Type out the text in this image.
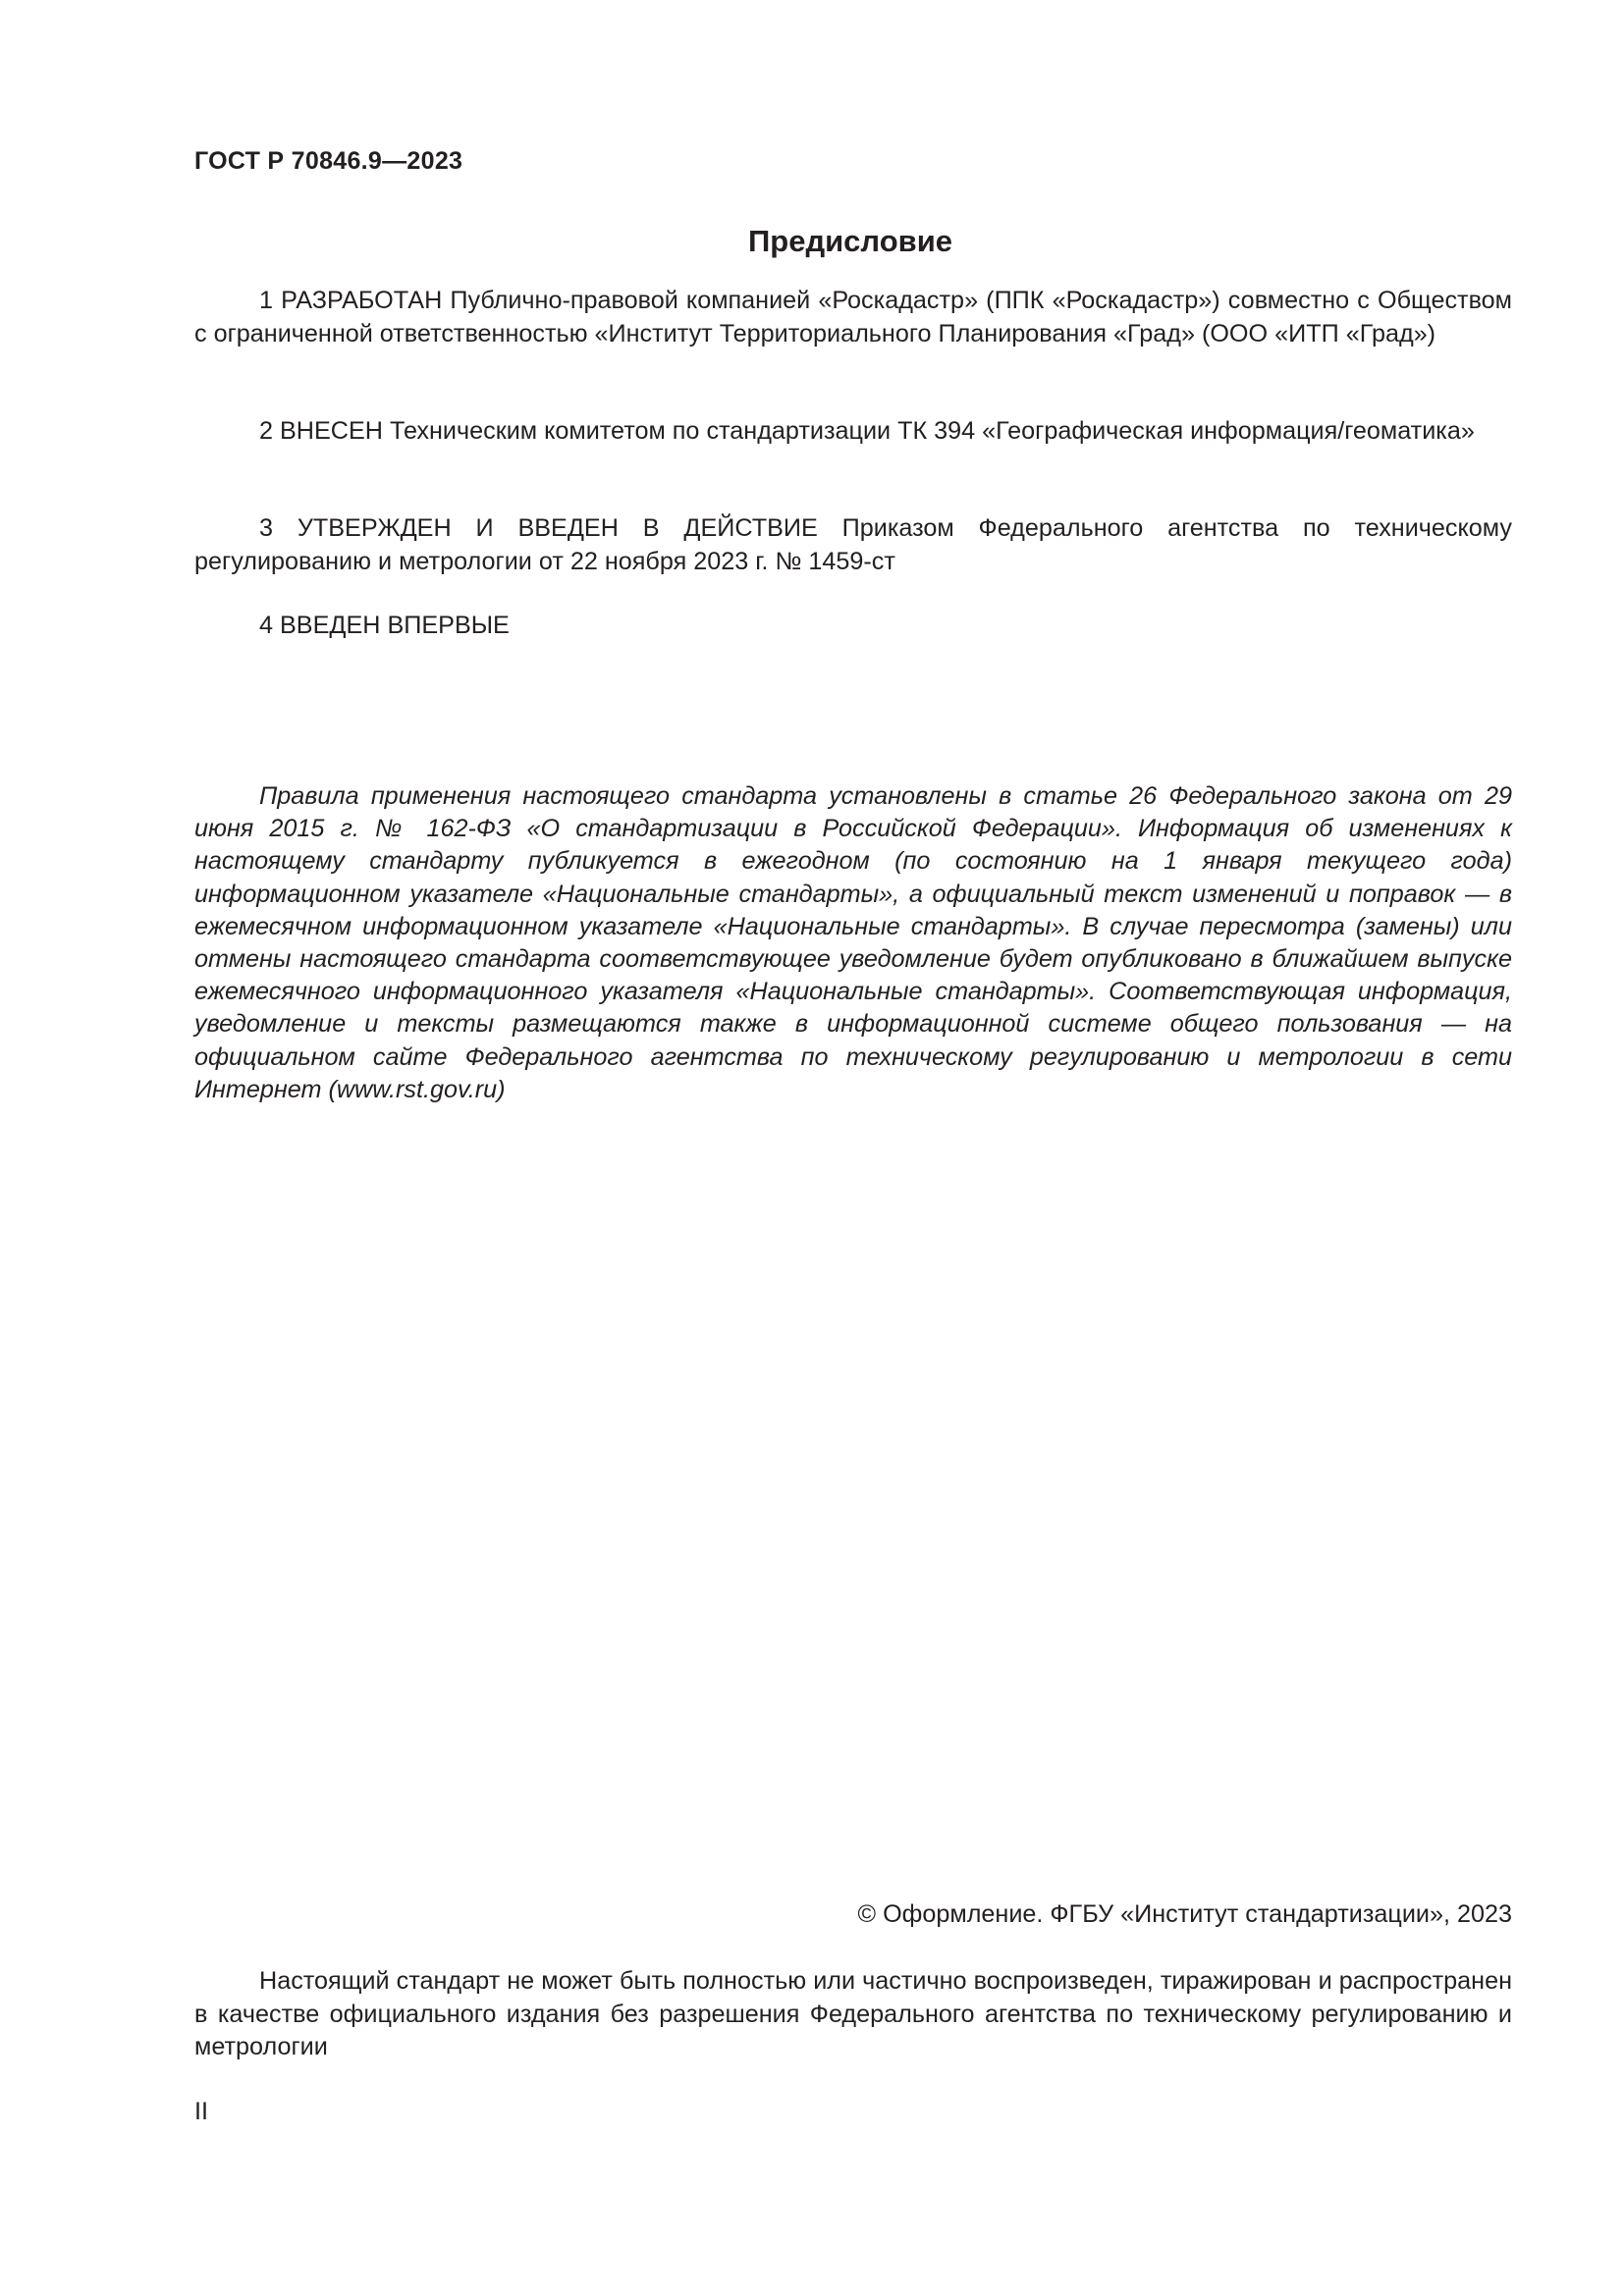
ГОСТ Р 70846.9—2023
Предисловие

1 РАЗРАБОТАН Публично-правовой компанией «Роскадастр» (ППК «Роскадастр») совместно с Обществом с ограниченной ответственностью «Институт Территориального Планирования «Град» (ООО «ИТП «Град»)

2 ВНЕСЕН Техническим комитетом по стандартизации ТК 394 «Географическая информация/геоматика»

3 УТВЕРЖДЕН И ВВЕДЕН В ДЕЙСТВИЕ Приказом Федерального агентства по техническому регулированию и метрологии от 22 ноября 2023 г. № 1459-ст

4 ВВЕДЕН ВПЕРВЫЕ

Правила применения настоящего стандарта установлены в статье 26 Федерального закона от 29 июня 2015 г. № 162-ФЗ «О стандартизации в Российской Федерации». Информация об изменениях к настоящему стандарту публикуется в ежегодном (по состоянию на 1 января текущего года) информационном указателе «Национальные стандарты», а официальный текст изменений и поправок — в ежемесячном информационном указателе «Национальные стандарты». В случае пересмотра (замены) или отмены настоящего стандарта соответствующее уведомление будет опубликовано в ближайшем выпуске ежемесячного информационного указателя «Национальные стандарты». Соответствующая информация, уведомление и тексты размещаются также в информационной системе общего пользования — на официальном сайте Федерального агентства по техническому регулированию и метрологии в сети Интернет (www.rst.gov.ru)

© Оформление. ФГБУ «Институт стандартизации», 2023

Настоящий стандарт не может быть полностью или частично воспроизведен, тиражирован и распространен в качестве официального издания без разрешения Федерального агентства по техническому регулированию и метрологии

II
